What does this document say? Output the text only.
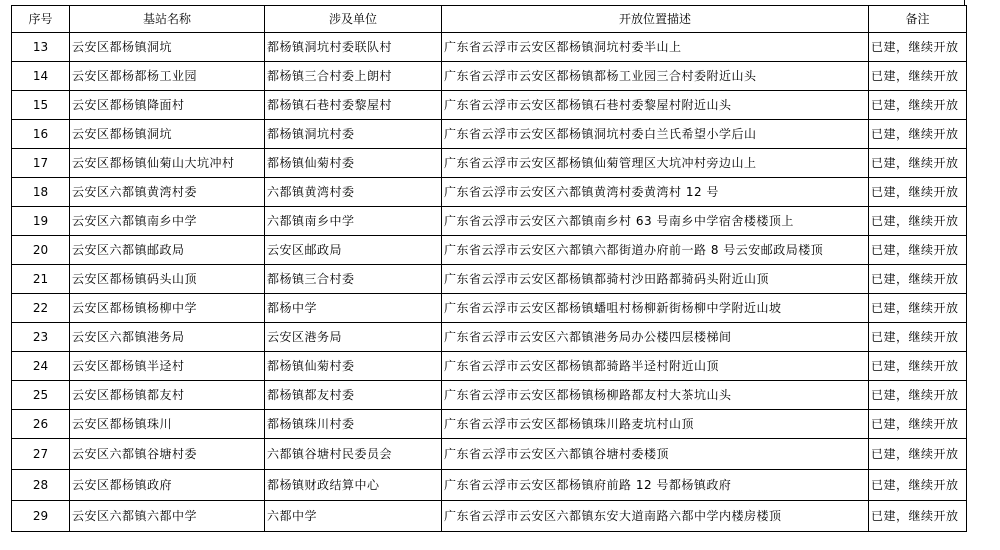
序号	基站名称	涉及单位	开放位置描述	备注
13	云安区都杨镇洞坑	都杨镇洞坑村委联队村	广东省云浮市云安区都杨镇洞坑村委半山上	已建，继续开放
14	云安区都杨都杨工业园	都杨镇三合村委上朗村	广东省云浮市云安区都杨镇都杨工业园三合村委附近山头	已建，继续开放
15	云安区都杨镇降面村	都杨镇石巷村委黎屋村	广东省云浮市云安区都杨镇石巷村委黎屋村附近山头	已建，继续开放
16	云安区都杨镇洞坑	都杨镇洞坑村委	广东省云浮市云安区都杨镇洞坑村委白兰氏希望小学后山	已建，继续开放
17	云安区都杨镇仙菊山大坑冲村	都杨镇仙菊村委	广东省云浮市云安区都杨镇仙菊管理区大坑冲村旁边山上	已建，继续开放
18	云安区六都镇黄湾村委	六都镇黄湾村委	广东省云浮市云安区六都镇黄湾村委黄湾村 12 号	已建，继续开放
19	云安区六都镇南乡中学	六都镇南乡中学	广东省云浮市云安区六都镇南乡村 63 号南乡中学宿舍楼楼顶上	已建，继续开放
20	云安区六都镇邮政局	云安区邮政局	广东省云浮市云安区六都镇六都街道办府前一路 8 号云安邮政局楼顶	已建，继续开放
21	云安区都杨镇码头山顶	都杨镇三合村委	广东省云浮市云安区都杨镇都骑村沙田路都骑码头附近山顶	已建，继续开放
22	云安区都杨镇杨柳中学	都杨中学	广东省云浮市云安区都杨镇蟠咀村杨柳新街杨柳中学附近山坡	已建，继续开放
23	云安区六都镇港务局	云安区港务局	广东省云浮市云安区六都镇港务局办公楼四层楼梯间	已建，继续开放
24	云安区都杨镇半迳村	都杨镇仙菊村委	广东省云浮市云安区都杨镇都骑路半迳村附近山顶	已建，继续开放
25	云安区都杨镇都友村	都杨镇都友村委	广东省云浮市云安区都杨镇杨柳路都友村大茶坑山头	已建，继续开放
26	云安区都杨镇珠川	都杨镇珠川村委	广东省云浮市云安区都杨镇珠川路麦坑村山顶	已建，继续开放
27	云安区六都镇谷塘村委	六都镇谷塘村民委员会	广东省云浮市云安区六都镇谷塘村委楼顶	已建，继续开放
28	云安区都杨镇政府	都杨镇财政结算中心	广东省云浮市云安区都杨镇府前路 12 号都杨镇政府	已建，继续开放
29	云安区六都镇六都中学	六都中学	广东省云浮市云安区六都镇东安大道南路六都中学内楼房楼顶	已建，继续开放
